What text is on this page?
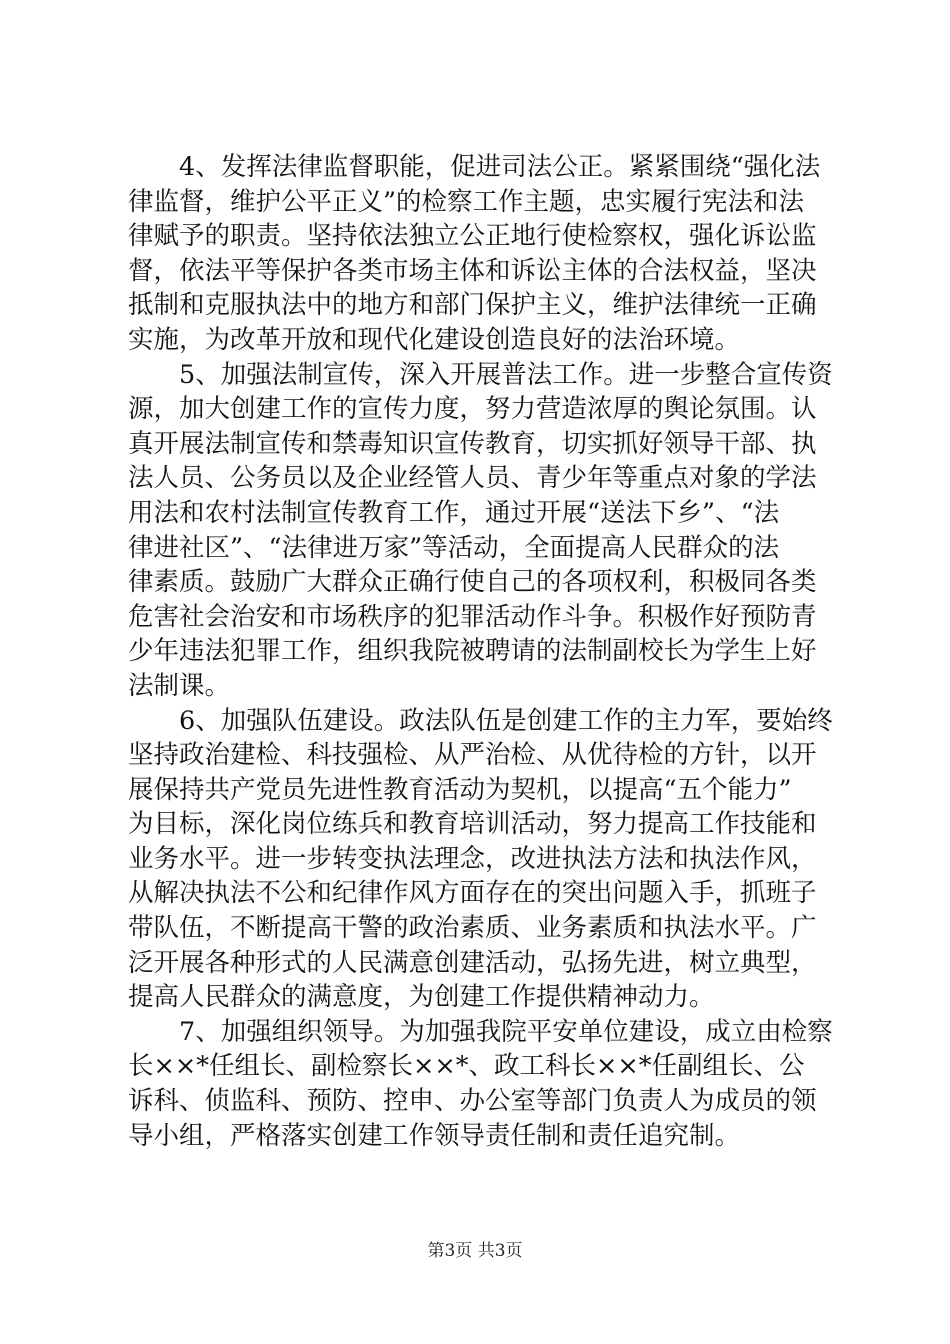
4、发挥法律监督职能，促进司法公正。紧紧围绕“强化法
律监督，维护公平正义”的检察工作主题，忠实履行宪法和法
律赋予的职责。坚持依法独立公正地行使检察权，强化诉讼监
督，依法平等保护各类市场主体和诉讼主体的合法权益，坚决
抵制和克服执法中的地方和部门保护主义，维护法律统一正确
实施，为改革开放和现代化建设创造良好的法治环境。
5、加强法制宣传，深入开展普法工作。进一步整合宣传资
源，加大创建工作的宣传力度，努力营造浓厚的舆论氛围。认
真开展法制宣传和禁毒知识宣传教育，切实抓好领导干部、执
法人员、公务员以及企业经管人员、青少年等重点对象的学法
用法和农村法制宣传教育工作，通过开展“送法下乡”、“法
律进社区”、“法律进万家”等活动，全面提高人民群众的法
律素质。鼓励广大群众正确行使自己的各项权利，积极同各类
危害社会治安和市场秩序的犯罪活动作斗争。积极作好预防青
少年违法犯罪工作，组织我院被聘请的法制副校长为学生上好
法制课。
6、加强队伍建设。政法队伍是创建工作的主力军，要始终
坚持政治建检、科技强检、从严治检、从优待检的方针，以开
展保持共产党员先进性教育活动为契机，以提高“五个能力”
为目标，深化岗位练兵和教育培训活动，努力提高工作技能和
业务水平。进一步转变执法理念，改进执法方法和执法作风，
从解决执法不公和纪律作风方面存在的突出问题入手，抓班子
带队伍，不断提高干警的政治素质、业务素质和执法水平。广
泛开展各种形式的人民满意创建活动，弘扬先进，树立典型，
提高人民群众的满意度，为创建工作提供精神动力。
7、加强组织领导。为加强我院平安单位建设，成立由检察
长××*任组长、副检察长××*、政工科长××*任副组长、公
诉科、侦监科、预防、控申、办公室等部门负责人为成员的领
导小组，严格落实创建工作领导责任制和责任追究制。
第3页 共3页
